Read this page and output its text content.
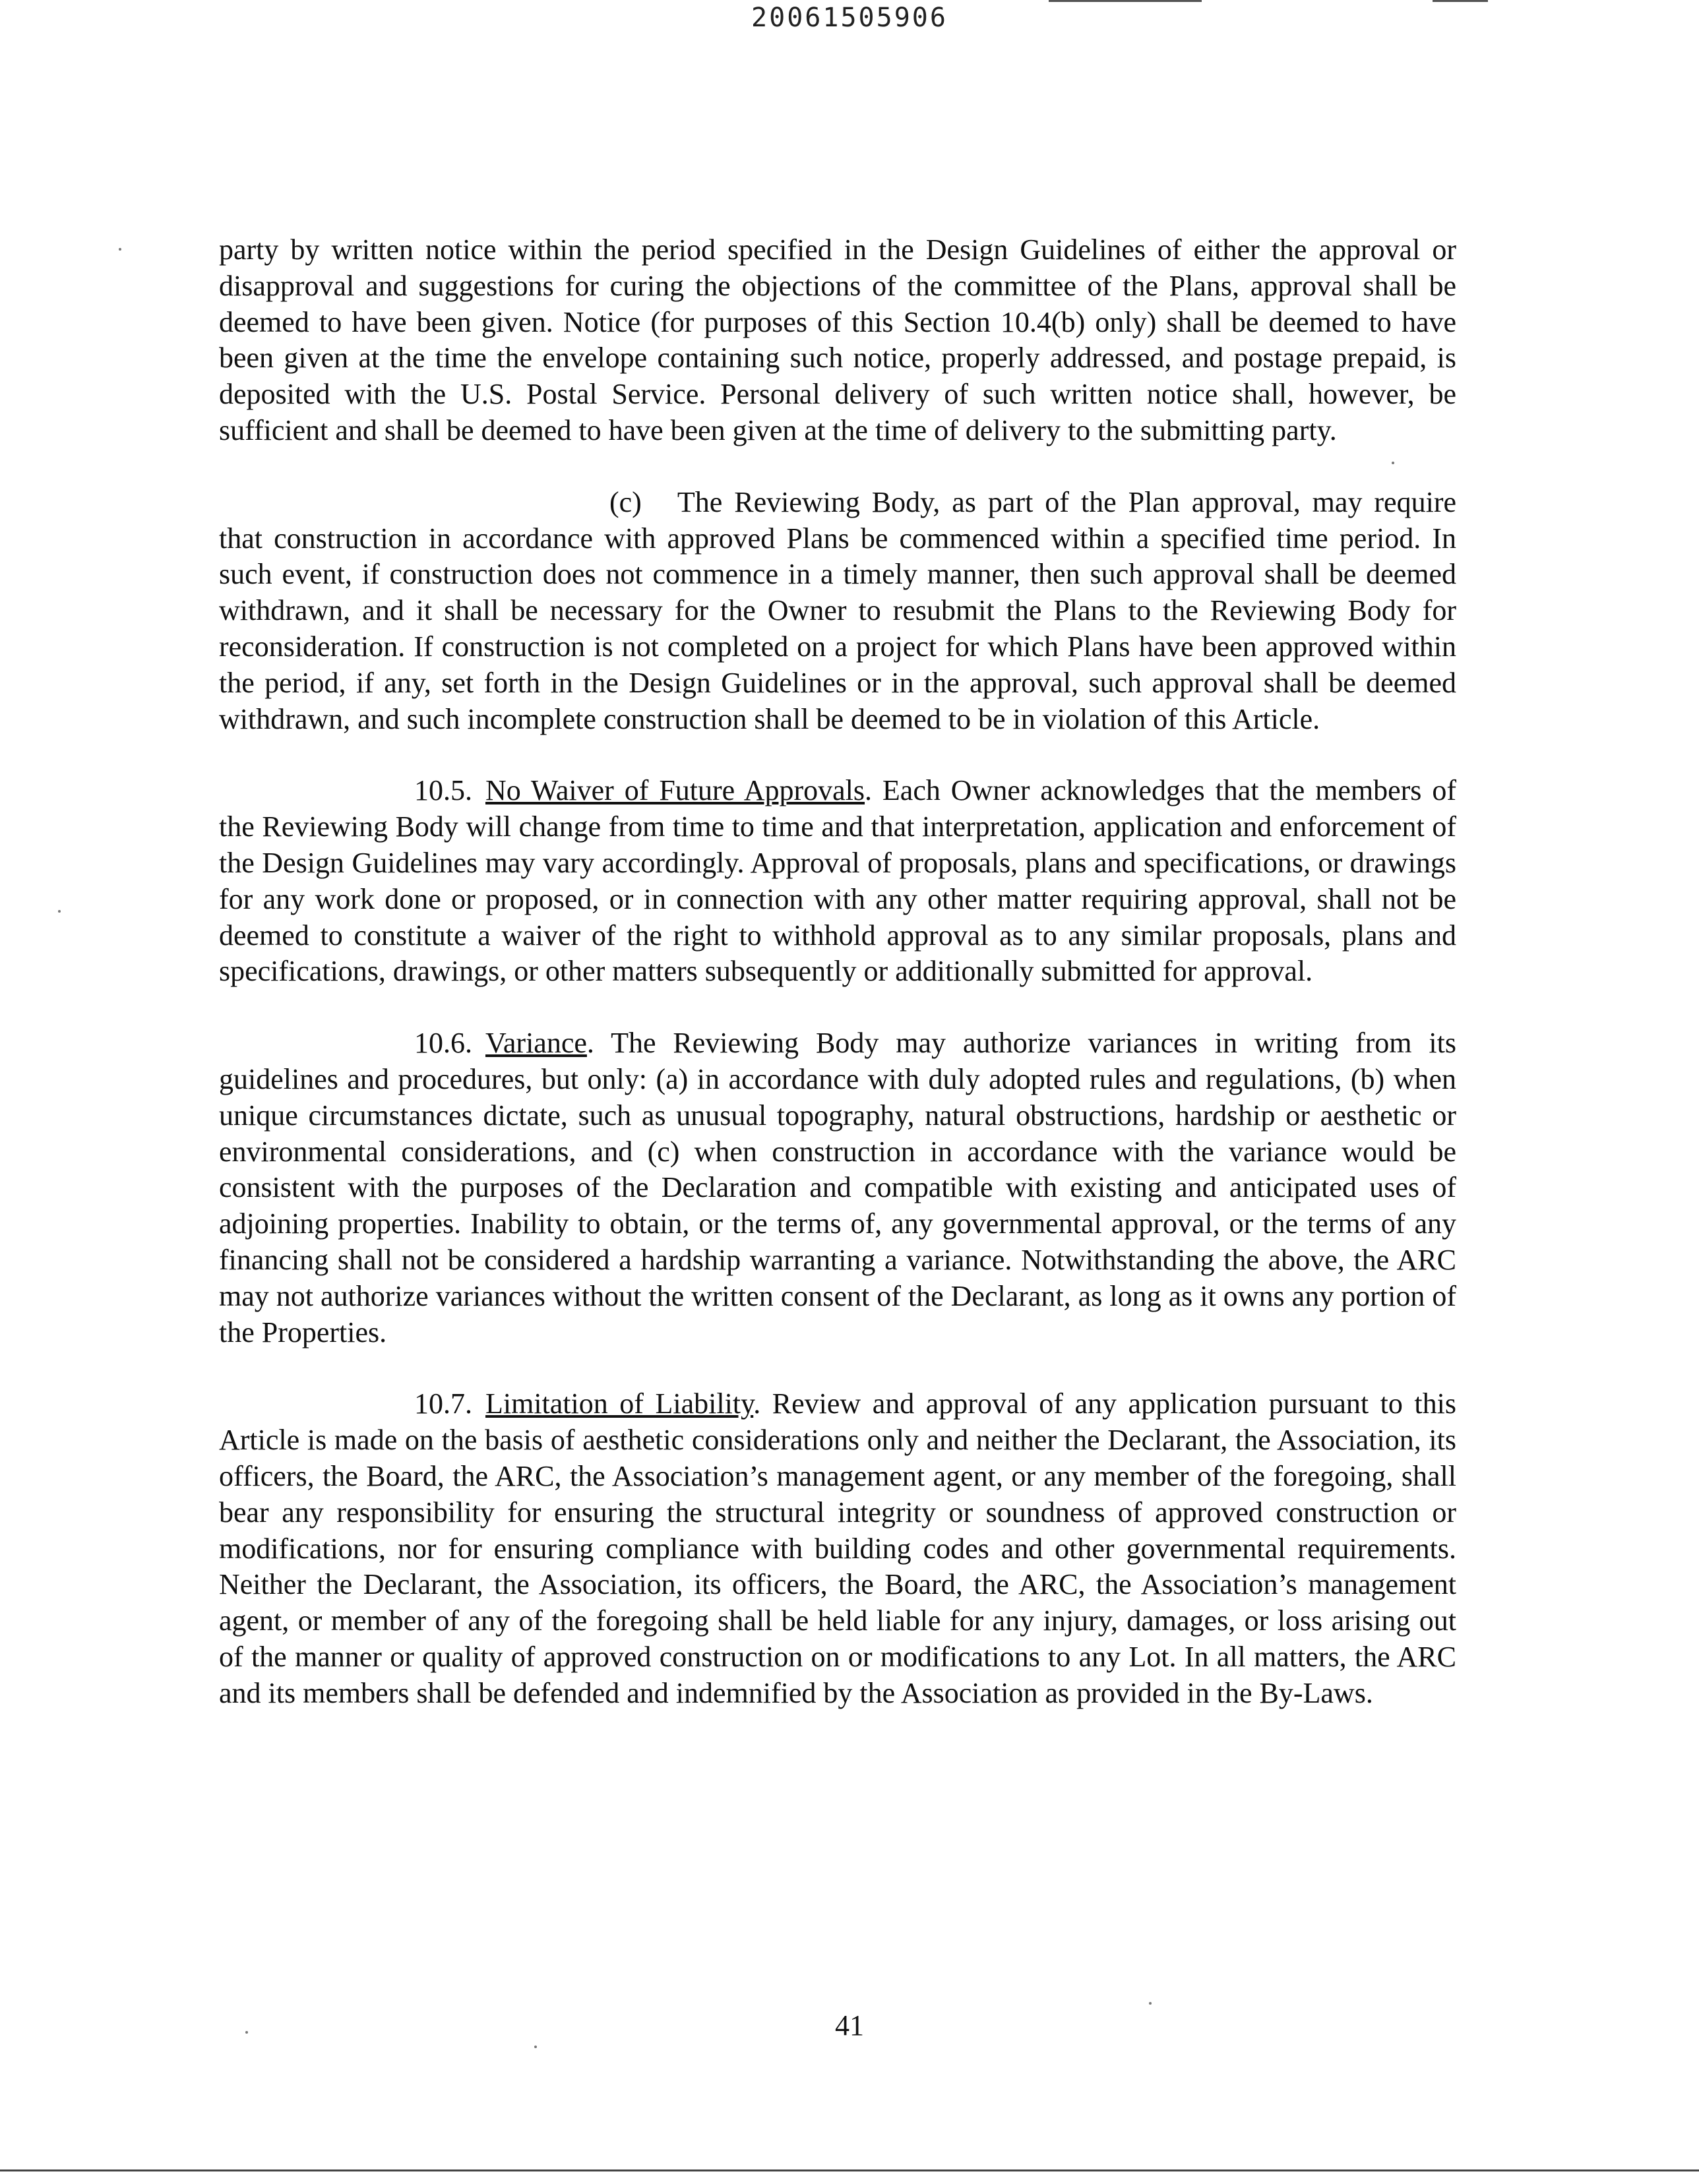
20061505906

party by written notice within the period specified in the Design Guidelines of either the approval or disapproval and suggestions for curing the objections of the committee of the Plans, approval shall be deemed to have been given. Notice (for purposes of this Section 10.4(b) only) shall be deemed to have been given at the time the envelope containing such notice, properly addressed, and postage prepaid, is deposited with the U.S. Postal Service. Personal delivery of such written notice shall, however, be sufficient and shall be deemed to have been given at the time of delivery to the submitting party.

(c) The Reviewing Body, as part of the Plan approval, may require that construction in accordance with approved Plans be commenced within a specified time period. In such event, if construction does not commence in a timely manner, then such approval shall be deemed withdrawn, and it shall be necessary for the Owner to resubmit the Plans to the Reviewing Body for reconsideration. If construction is not completed on a project for which Plans have been approved within the period, if any, set forth in the Design Guidelines or in the approval, such approval shall be deemed withdrawn, and such incomplete construction shall be deemed to be in violation of this Article.

10.5. No Waiver of Future Approvals. Each Owner acknowledges that the members of the Reviewing Body will change from time to time and that interpretation, application and enforcement of the Design Guidelines may vary accordingly. Approval of proposals, plans and specifications, or drawings for any work done or proposed, or in connection with any other matter requiring approval, shall not be deemed to constitute a waiver of the right to withhold approval as to any similar proposals, plans and specifications, drawings, or other matters subsequently or additionally submitted for approval.

10.6. Variance. The Reviewing Body may authorize variances in writing from its guidelines and procedures, but only: (a) in accordance with duly adopted rules and regulations, (b) when unique circumstances dictate, such as unusual topography, natural obstructions, hardship or aesthetic or environmental considerations, and (c) when construction in accordance with the variance would be consistent with the purposes of the Declaration and compatible with existing and anticipated uses of adjoining properties. Inability to obtain, or the terms of, any governmental approval, or the terms of any financing shall not be considered a hardship warranting a variance. Notwithstanding the above, the ARC may not authorize variances without the written consent of the Declarant, as long as it owns any portion of the Properties.

10.7. Limitation of Liability. Review and approval of any application pursuant to this Article is made on the basis of aesthetic considerations only and neither the Declarant, the Association, its officers, the Board, the ARC, the Association’s management agent, or any member of the foregoing, shall bear any responsibility for ensuring the structural integrity or soundness of approved construction or modifications, nor for ensuring compliance with building codes and other governmental requirements. Neither the Declarant, the Association, its officers, the Board, the ARC, the Association’s management agent, or member of any of the foregoing shall be held liable for any injury, damages, or loss arising out of the manner or quality of approved construction on or modifications to any Lot. In all matters, the ARC and its members shall be defended and indemnified by the Association as provided in the By-Laws.

41
